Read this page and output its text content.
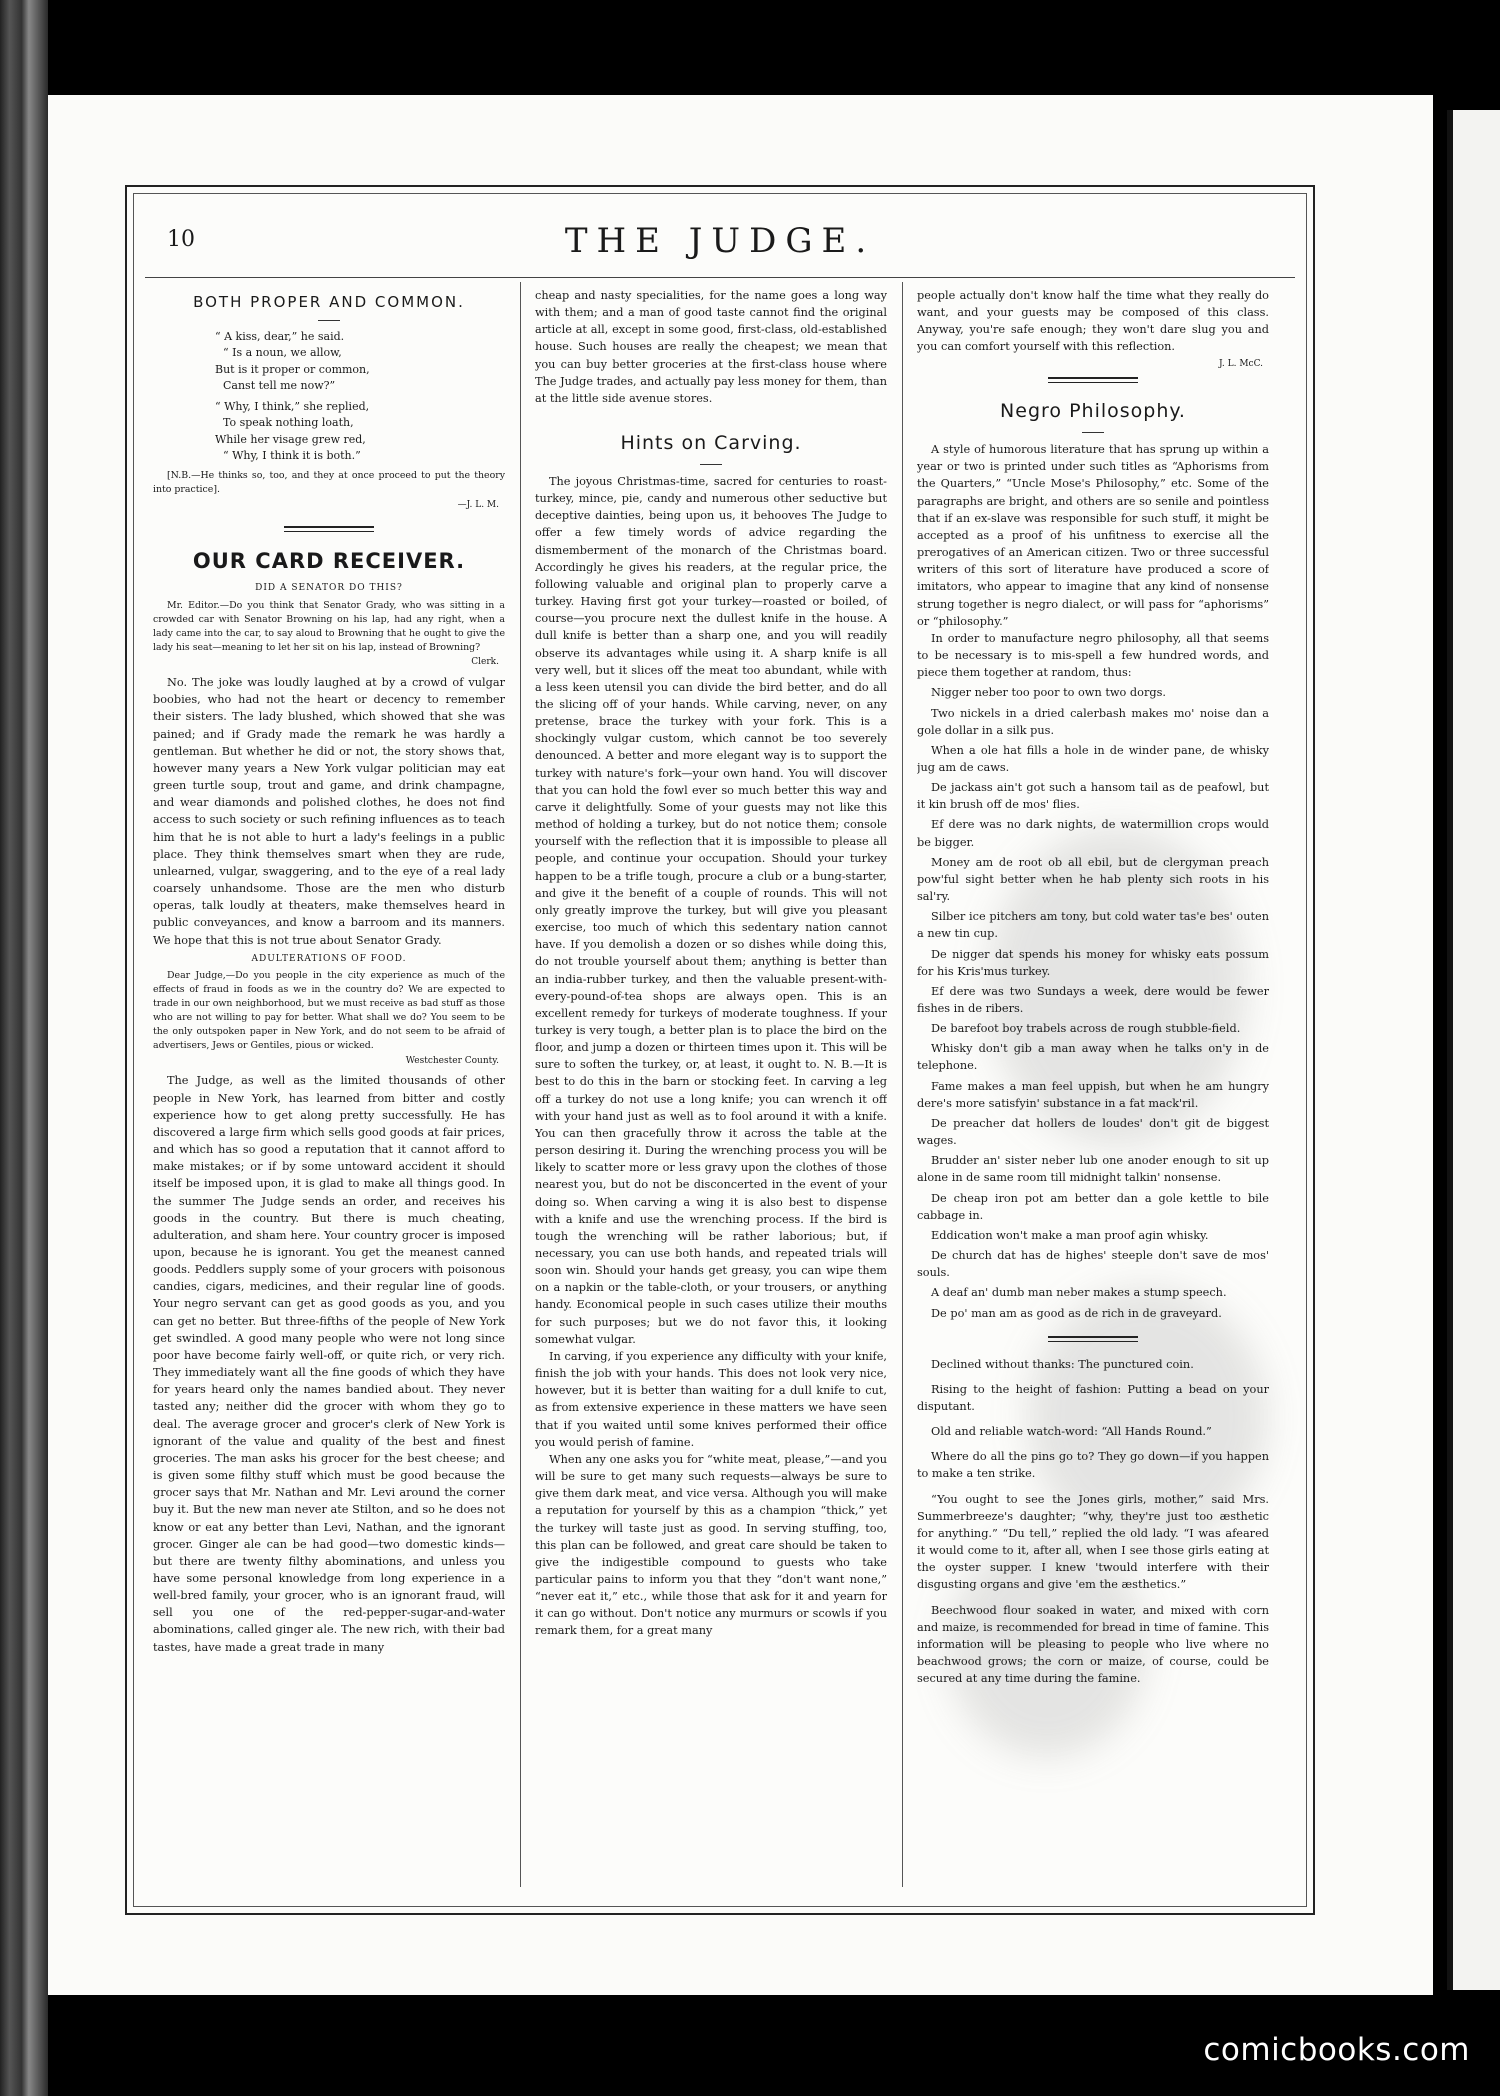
10	THE JUDGE.
BOTH PROPER AND COMMON.
“ A kiss, dear,” he said.
“ Is a noun, we allow,
But is it proper or common,
Canst tell me now?”
“ Why, I think,” she replied,
To speak nothing loath,
While her visage grew red,
“ Why, I think it is both.”

[N.B.—He thinks so, too, and they at once proceed to put the theory into practice].

—J. L. M.
OUR CARD RECEIVER.
DID A SENATOR DO THIS?

Mr. Editor.—Do you think that Senator Grady, who was sitting in a crowded car with Senator Browning on his lap, had any right, when a lady came into the car, to say aloud to Browning that he ought to give the lady his seat—meaning to let her sit on his lap, instead of Browning?

Clerk.

No. The joke was loudly laughed at by a crowd of vulgar boobies, who had not the heart or decency to remember their sisters. The lady blushed, which showed that she was pained; and if Grady made the remark he was hardly a gentleman. But whether he did or not, the story shows that, however many years a New York vulgar politician may eat green turtle soup, trout and game, and drink champagne, and wear diamonds and polished clothes, he does not find access to such society or such refining influences as to teach him that he is not able to hurt a lady's feelings in a public place. They think themselves smart when they are rude, unlearned, vulgar, swaggering, and to the eye of a real lady coarsely unhandsome. Those are the men who disturb operas, talk loudly at theaters, make themselves heard in public conveyances, and know a barroom and its manners. We hope that this is not true about Senator Grady.

ADULTERATIONS OF FOOD.

Dear Judge,—Do you people in the city experience as much of the effects of fraud in foods as we in the country do? We are expected to trade in our own neighborhood, but we must receive as bad stuff as those who are not willing to pay for better. What shall we do? You seem to be the only outspoken paper in New York, and do not seem to be afraid of advertisers, Jews or Gentiles, pious or wicked.

Westchester County.

The Judge, as well as the limited thousands of other people in New York, has learned from bitter and costly experience how to get along pretty successfully. He has discovered a large firm which sells good goods at fair prices, and which has so good a reputation that it cannot afford to make mistakes; or if by some untoward accident it should itself be imposed upon, it is glad to make all things good. In the summer The Judge sends an order, and receives his goods in the country. But there is much cheating, adulteration, and sham here. Your country grocer is imposed upon, because he is ignorant. You get the meanest canned goods. Peddlers supply some of your grocers with poisonous candies, cigars, medicines, and their regular line of goods. Your negro servant can get as good goods as you, and you can get no better. But three-fifths of the people of New York get swindled. A good many people who were not long since poor have become fairly well-off, or quite rich, or very rich. They immediately want all the fine goods of which they have for years heard only the names bandied about. They never tasted any; neither did the grocer with whom they go to deal. The average grocer and grocer's clerk of New York is ignorant of the value and quality of the best and finest groceries. The man asks his grocer for the best cheese; and is given some filthy stuff which must be good because the grocer says that Mr. Nathan and Mr. Levi around the corner buy it. But the new man never ate Stilton, and so he does not know or eat any better than Levi, Nathan, and the ignorant grocer. Ginger ale can be had good—two domestic kinds—but there are twenty filthy abominations, and unless you have some personal knowledge from long experience in a well-bred family, your grocer, who is an ignorant fraud, will sell you one of the red-pepper-sugar-and-water abominations, called ginger ale. The new rich, with their bad tastes, have made a great trade in many

cheap and nasty specialities, for the name goes a long way with them; and a man of good taste cannot find the original article at all, except in some good, first-class, old-established house. Such houses are really the cheapest; we mean that you can buy better groceries at the first-class house where The Judge trades, and actually pay less money for them, than at the little side avenue stores.

Hints on Carving.

The joyous Christmas-time, sacred for centuries to roast-turkey, mince, pie, candy and numerous other seductive but deceptive dainties, being upon us, it behooves The Judge to offer a few timely words of advice regarding the dismemberment of the monarch of the Christmas board. Accordingly he gives his readers, at the regular price, the following valuable and original plan to properly carve a turkey. Having first got your turkey—roasted or boiled, of course—you procure next the dullest knife in the house. A dull knife is better than a sharp one, and you will readily observe its advantages while using it. A sharp knife is all very well, but it slices off the meat too abundant, while with a less keen utensil you can divide the bird better, and do all the slicing off of your hands. While carving, never, on any pretense, brace the turkey with your fork. This is a shockingly vulgar custom, which cannot be too severely denounced. A better and more elegant way is to support the turkey with nature's fork—your own hand. You will discover that you can hold the fowl ever so much better this way and carve it delightfully. Some of your guests may not like this method of holding a turkey, but do not notice them; console yourself with the reflection that it is impossible to please all people, and continue your occupation. Should your turkey happen to be a trifle tough, procure a club or a bung-starter, and give it the benefit of a couple of rounds. This will not only greatly improve the turkey, but will give you pleasant exercise, too much of which this sedentary nation cannot have. If you demolish a dozen or so dishes while doing this, do not trouble yourself about them; anything is better than an india-rubber turkey, and then the valuable present-with-every-pound-of-tea shops are always open. This is an excellent remedy for turkeys of moderate toughness. If your turkey is very tough, a better plan is to place the bird on the floor, and jump a dozen or thirteen times upon it. This will be sure to soften the turkey, or, at least, it ought to. N. B.—It is best to do this in the barn or stocking feet. In carving a leg off a turkey do not use a long knife; you can wrench it off with your hand just as well as to fool around it with a knife. You can then gracefully throw it across the table at the person desiring it. During the wrenching process you will be likely to scatter more or less gravy upon the clothes of those nearest you, but do not be disconcerted in the event of your doing so. When carving a wing it is also best to dispense with a knife and use the wrenching process. If the bird is tough the wrenching will be rather laborious; but, if necessary, you can use both hands, and repeated trials will soon win. Should your hands get greasy, you can wipe them on a napkin or the table-cloth, or your trousers, or anything handy. Economical people in such cases utilize their mouths for such purposes; but we do not favor this, it looking somewhat vulgar.

In carving, if you experience any difficulty with your knife, finish the job with your hands. This does not look very nice, however, but it is better than waiting for a dull knife to cut, as from extensive experience in these matters we have seen that if you waited until some knives performed their office you would perish of famine.

When any one asks you for “white meat, please,”—and you will be sure to get many such requests—always be sure to give them dark meat, and vice versa. Although you will make a reputation for yourself by this as a champion “thick,” yet the turkey will taste just as good. In serving stuffing, too, this plan can be followed, and great care should be taken to give the indigestible compound to guests who take particular pains to inform you that they “don't want none,” “never eat it,” etc., while those that ask for it and yearn for it can go without. Don't notice any murmurs or scowls if you remark them, for a great many

people actually don't know half the time what they really do want, and your guests may be composed of this class. Anyway, you're safe enough; they won't dare slug you and you can comfort yourself with this reflection.

J. L. McC.
Negro Philosophy.

A style of humorous literature that has sprung up within a year or two is printed under such titles as “Aphorisms from the Quarters,” “Uncle Mose's Philosophy,” etc. Some of the paragraphs are bright, and others are so senile and pointless that if an ex-slave was responsible for such stuff, it might be accepted as a proof of his unfitness to exercise all the prerogatives of an American citizen. Two or three successful writers of this sort of literature have produced a score of imitators, who appear to imagine that any kind of nonsense strung together is negro dialect, or will pass for “aphorisms” or “philosophy.”

In order to manufacture negro philosophy, all that seems to be necessary is to mis-spell a few hundred words, and piece them together at random, thus:

Nigger neber too poor to own two dorgs.

Two nickels in a dried calerbash makes mo' noise dan a gole dollar in a silk pus.

When a ole hat fills a hole in de winder pane, de whisky jug am de caws.

De jackass ain't got such a hansom tail as de peafowl, but it kin brush off de mos' flies.

Ef dere was no dark nights, de watermillion crops would be bigger.

Money am de root ob all ebil, but de clergyman preach pow'ful sight better when he hab plenty sich roots in his sal'ry.

Silber ice pitchers am tony, but cold water tas'e bes' outen a new tin cup.

De nigger dat spends his money for whisky eats possum for his Kris'mus turkey.

Ef dere was two Sundays a week, dere would be fewer fishes in de ribers.

De barefoot boy trabels across de rough stubble-field.

Whisky don't gib a man away when he talks on'y in de telephone.

Fame makes a man feel uppish, but when he am hungry dere's more satisfyin' substance in a fat mack'ril.

De preacher dat hollers de loudes' don't git de biggest wages.

Brudder an' sister neber lub one anoder enough to sit up alone in de same room till midnight talkin' nonsense.

De cheap iron pot am better dan a gole kettle to bile cabbage in.

Eddication won't make a man proof agin whisky.

De church dat has de highes' steeple don't save de mos' souls.

A deaf an' dumb man neber makes a stump speech.

De po' man am as good as de rich in de graveyard.

Declined without thanks: The punctured coin.

Rising to the height of fashion: Putting a bead on your disputant.

Old and reliable watch-word: “All Hands Round.”

Where do all the pins go to? They go down—if you happen to make a ten strike.

“You ought to see the Jones girls, mother,” said Mrs. Summerbreeze's daughter; “why, they're just too æsthetic for anything.” “Du tell,” replied the old lady. “I was afeared it would come to it, after all, when I see those girls eating at the oyster supper. I knew 'twould interfere with their disgusting organs and give 'em the æsthetics.”

Beechwood flour soaked in water, and mixed with corn and maize, is recommended for bread in time of famine. This information will be pleasing to people who live where no beachwood grows; the corn or maize, of course, could be secured at any time during the famine.

comicbooks.com
